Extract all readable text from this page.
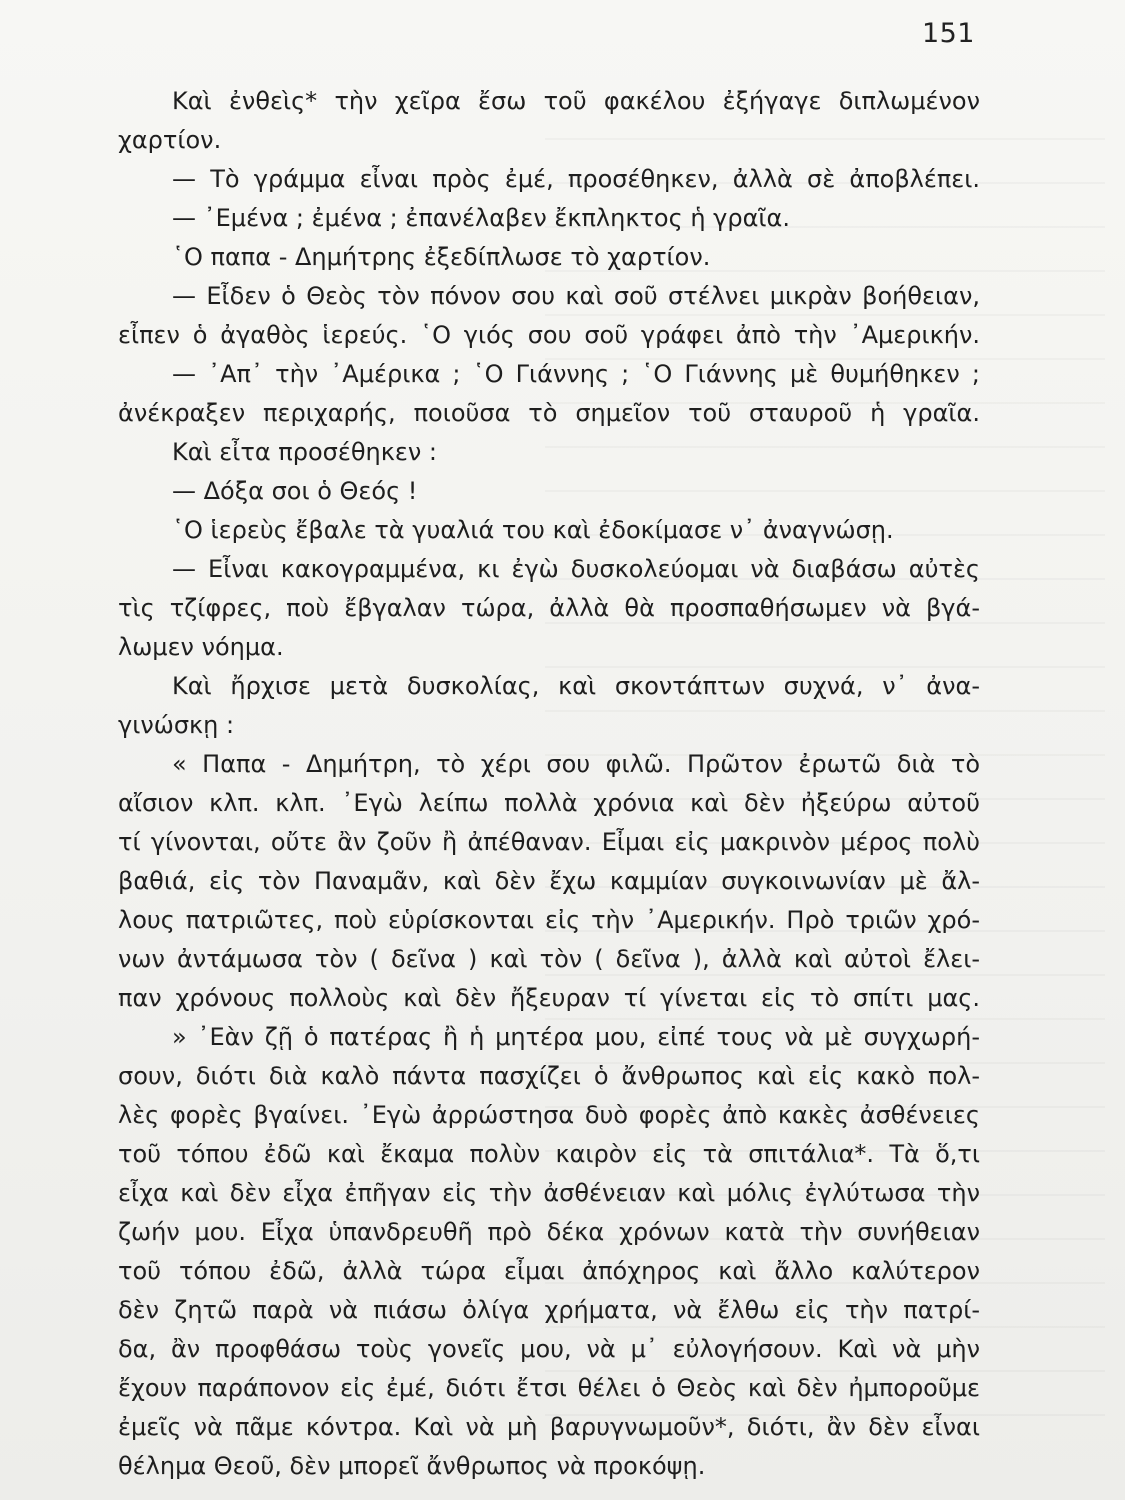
151
Καὶ ἐνθεὶς* τὴν χεῖρα ἔσω τοῦ φακέλου ἐξήγαγε διπλωμένον
χαρτίον.
— Τὸ γράμμα εἶναι πρὸς ἐμέ, προσέθηκεν, ἀλλὰ σὲ ἀποβλέπει.
— ᾿Εμένα ; ἐμένα ; ἐπανέλαβεν ἔκπληκτος ἡ γραῖα.
῾Ο παπα - Δημήτρης ἐξεδίπλωσε τὸ χαρτίον.
— Εἶδεν ὁ Θεὸς τὸν πόνον σου καὶ σοῦ στέλνει μικρὰν βοήθειαν,
εἶπεν ὁ ἀγαθὸς ἱερεύς. ῾Ο γιός σου σοῦ γράφει ἀπὸ τὴν ᾿Αμερικήν.
— ᾿Απ᾿ τὴν ᾿Αμέρικα ; ῾Ο Γιάννης ; ῾Ο Γιάννης μὲ θυμήθηκεν ;
ἀνέκραξεν περιχαρής, ποιοῦσα τὸ σημεῖον τοῦ σταυροῦ ἡ γραῖα.
Καὶ εἶτα προσέθηκεν :
— Δόξα σοι ὁ Θεός !
῾Ο ἱερεὺς ἔβαλε τὰ γυαλιά του καὶ ἐδοκίμασε ν᾿ ἀναγνώσῃ.
— Εἶναι κακογραμμένα, κι ἐγὼ δυσκολεύομαι νὰ διαβάσω αὐτὲς
τὶς τζίφρες, ποὺ ἔβγαλαν τώρα, ἀλλὰ θὰ προσπαθήσωμεν νὰ βγά-
λωμεν νόημα.
Καὶ ἤρχισε μετὰ δυσκολίας, καὶ σκοντάπτων συχνά, ν᾿ ἀνα-
γινώσκῃ :
« Παπα - Δημήτρη, τὸ χέρι σου φιλῶ. Πρῶτον ἐρωτῶ διὰ τὸ
αἴσιον κλπ. κλπ. ᾿Εγὼ λείπω πολλὰ χρόνια καὶ δὲν ἠξεύρω αὐτοῦ
τί γίνονται, οὔτε ἂν ζοῦν ἢ ἀπέθαναν. Εἶμαι εἰς μακρινὸν μέρος πολὺ
βαθιά, εἰς τὸν Παναμᾶν, καὶ δὲν ἔχω καμμίαν συγκοινωνίαν μὲ ἄλ-
λους πατριῶτες, ποὺ εὑρίσκονται εἰς τὴν ᾿Αμερικήν. Πρὸ τριῶν χρό-
νων ἀντάμωσα τὸν ( δεῖνα ) καὶ τὸν ( δεῖνα ), ἀλλὰ καὶ αὐτοὶ ἔλει-
παν χρόνους πολλοὺς καὶ δὲν ἤξευραν τί γίνεται εἰς τὸ σπίτι μας.
» ᾿Εὰν ζῇ ὁ πατέρας ἢ ἡ μητέρα μου, εἰπέ τους νὰ μὲ συγχωρή-
σουν, διότι διὰ καλὸ πάντα πασχίζει ὁ ἄνθρωπος καὶ εἰς κακὸ πολ-
λὲς φορὲς βγαίνει. ᾿Εγὼ ἀρρώστησα δυὸ φορὲς ἀπὸ κακὲς ἀσθένειες
τοῦ τόπου ἐδῶ καὶ ἔκαμα πολὺν καιρὸν εἰς τὰ σπιτάλια*. Τὰ ὅ,τι
εἶχα καὶ δὲν εἶχα ἐπῆγαν εἰς τὴν ἀσθένειαν καὶ μόλις ἐγλύτωσα τὴν
ζωήν μου. Εἶχα ὑπανδρευθῆ πρὸ δέκα χρόνων κατὰ τὴν συνήθειαν
τοῦ τόπου ἐδῶ, ἀλλὰ τώρα εἶμαι ἀπόχηρος καὶ ἄλλο καλύτερον
δὲν ζητῶ παρὰ νὰ πιάσω ὀλίγα χρήματα, νὰ ἔλθω εἰς τὴν πατρί-
δα, ἂν προφθάσω τοὺς γονεῖς μου, νὰ μ᾿ εὐλογήσουν. Καὶ νὰ μὴν
ἔχουν παράπονον εἰς ἐμέ, διότι ἔτσι θέλει ὁ Θεὸς καὶ δὲν ἠμποροῦμε
ἐμεῖς νὰ πᾶμε κόντρα. Καὶ νὰ μὴ βαρυγνωμοῦν*, διότι, ἂν δὲν εἶναι
θέλημα Θεοῦ, δὲν μπορεῖ ἄνθρωπος νὰ προκόψῃ.
